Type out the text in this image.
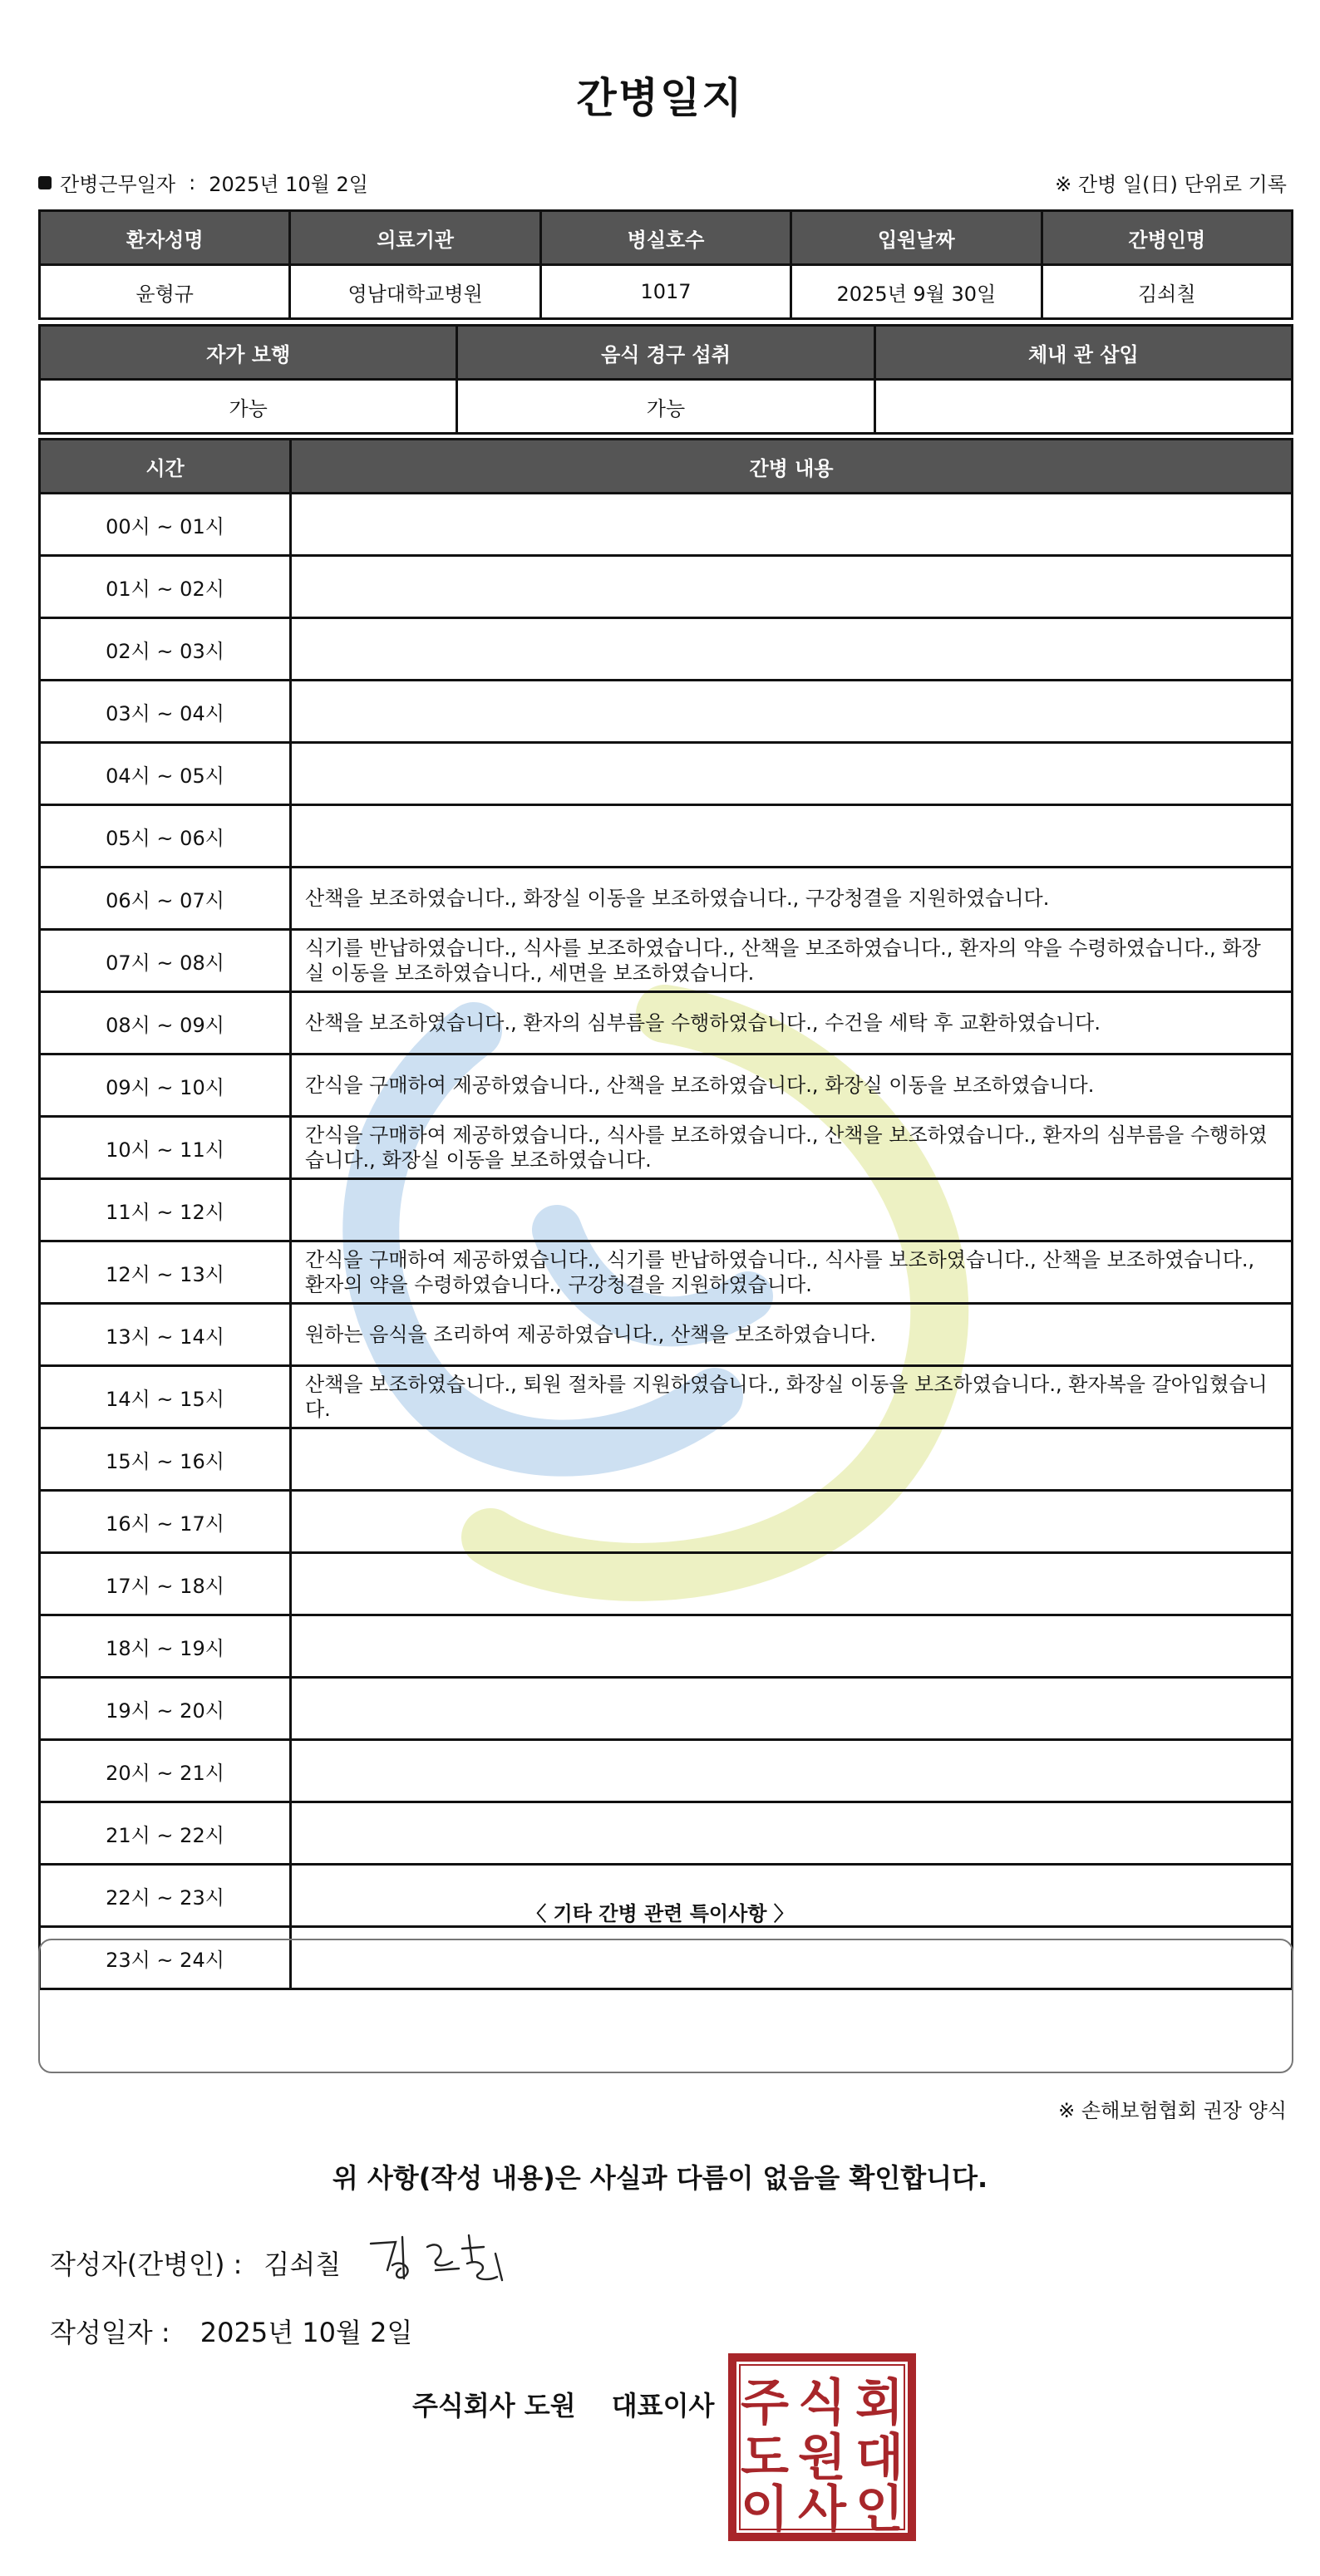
간병일지
간병근무일자 : 2025년 10월 2일	※ 간병 일(日) 단위로 기록
환자성명	의료기관	병실호수	입원날짜	간병인명
윤형규	영남대학교병원	1017	2025년 9월 30일	김쇠칠
자가 보행	음식 경구 섭취	체내 관 삽입
가능	가능	
시간	간병 내용
00시 ~ 01시	
01시 ~ 02시	
02시 ~ 03시	
03시 ~ 04시	
04시 ~ 05시	
05시 ~ 06시	
06시 ~ 07시	산책을 보조하였습니다., 화장실 이동을 보조하였습니다., 구강청결을 지원하였습니다.
07시 ~ 08시	식기를 반납하였습니다., 식사를 보조하였습니다., 산책을 보조하였습니다., 환자의 약을 수령하였습니다., 화장실 이동을 보조하였습니다., 세면을 보조하였습니다.
08시 ~ 09시	산책을 보조하였습니다., 환자의 심부름을 수행하였습니다., 수건을 세탁 후 교환하였습니다.
09시 ~ 10시	간식을 구매하여 제공하였습니다., 산책을 보조하였습니다., 화장실 이동을 보조하였습니다.
10시 ~ 11시	간식을 구매하여 제공하였습니다., 식사를 보조하였습니다., 산책을 보조하였습니다., 환자의 심부름을 수행하였습니다., 화장실 이동을 보조하였습니다.
11시 ~ 12시	
12시 ~ 13시	간식을 구매하여 제공하였습니다., 식기를 반납하였습니다., 식사를 보조하였습니다., 산책을 보조하였습니다., 환자의 약을 수령하였습니다., 구강청결을 지원하였습니다.
13시 ~ 14시	원하는 음식을 조리하여 제공하였습니다., 산책을 보조하였습니다.
14시 ~ 15시	산책을 보조하였습니다., 퇴원 절차를 지원하였습니다., 화장실 이동을 보조하였습니다., 환자복을 갈아입혔습니다.
15시 ~ 16시	
16시 ~ 17시	
17시 ~ 18시	
18시 ~ 19시	
19시 ~ 20시	
20시 ~ 21시	
21시 ~ 22시	
22시 ~ 23시	
23시 ~ 24시	
〈 기타 간병 관련 특이사항 〉
※ 손해보험협회 권장 양식
위 사항(작성 내용)은 사실과 다름이 없음을 확인합니다.
작성자(간병인) : 김쇠칠
작성일자 : 2025년 10월 2일
주식회사 도원 대표이사 주 식 회
도 원 대
이 사 인
